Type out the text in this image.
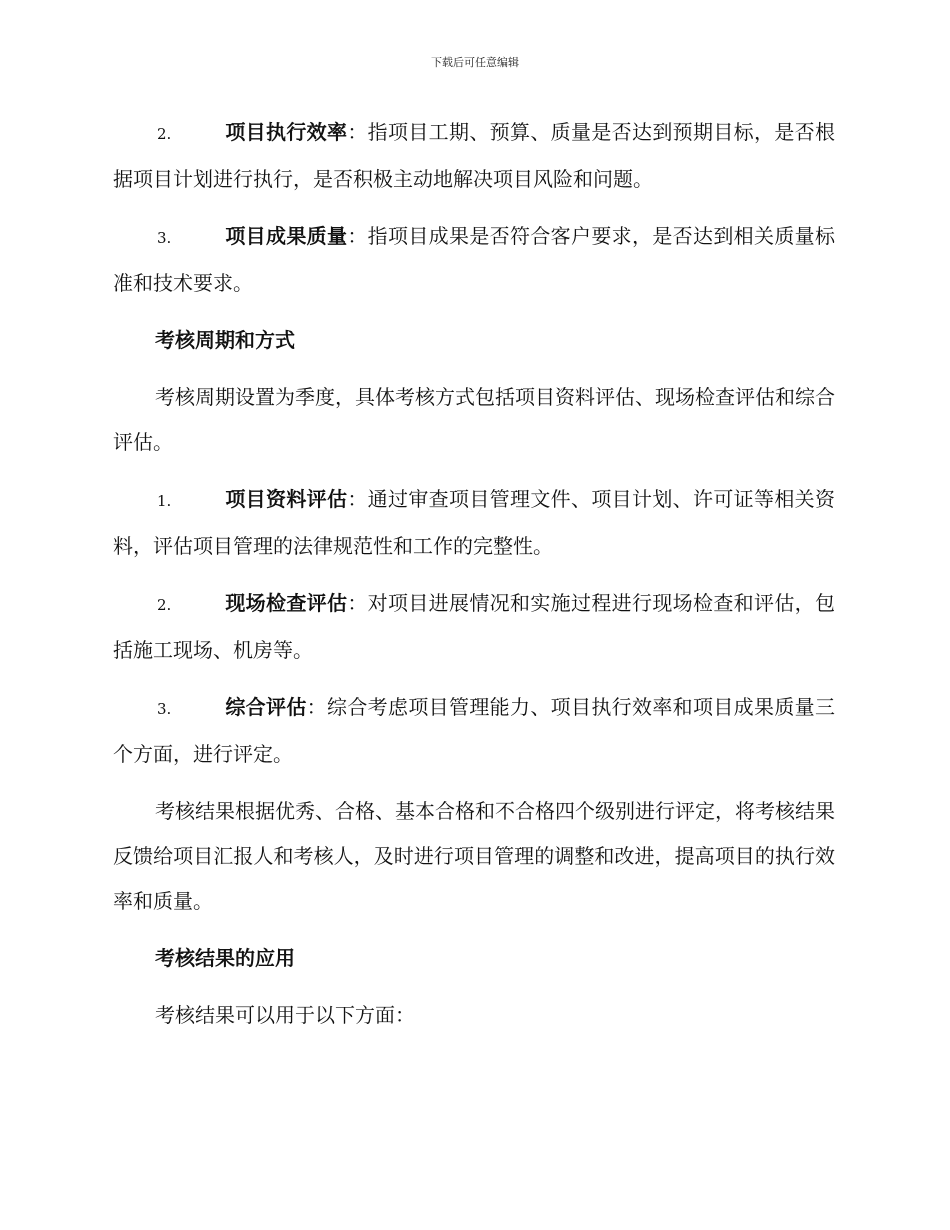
下载后可任意编辑

2.	项目执行效率：指项目工期、预算、质量是否达到预期目标，是否根据项目计划进行执行，是否积极主动地解决项目风险和问题。

3.	项目成果质量：指项目成果是否符合客户要求，是否达到相关质量标准和技术要求。

考核周期和方式

考核周期设置为季度，具体考核方式包括项目资料评估、现场检查评估和综合评估。

1.	项目资料评估：通过审查项目管理文件、项目计划、许可证等相关资料，评估项目管理的法律规范性和工作的完整性。

2.	现场检查评估：对项目进展情况和实施过程进行现场检查和评估，包括施工现场、机房等。

3.	综合评估：综合考虑项目管理能力、项目执行效率和项目成果质量三个方面，进行评定。

考核结果根据优秀、合格、基本合格和不合格四个级别进行评定，将考核结果反馈给项目汇报人和考核人，及时进行项目管理的调整和改进，提高项目的执行效率和质量。

考核结果的应用

考核结果可以用于以下方面：
